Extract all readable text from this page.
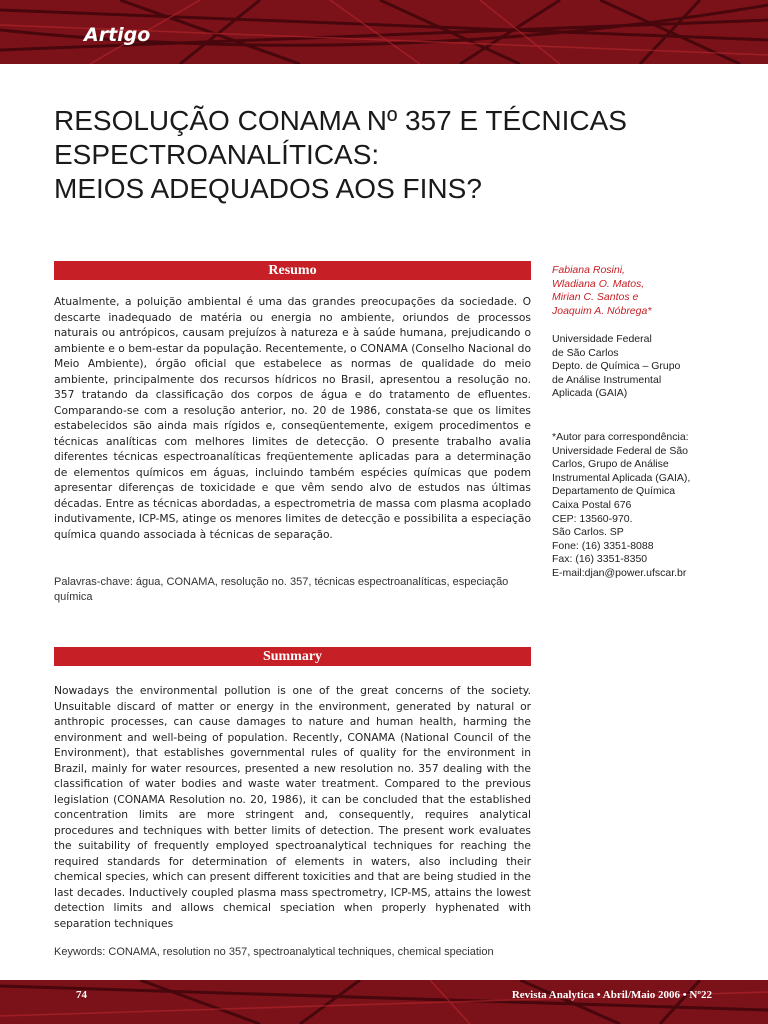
Artigo
RESOLUÇÃO CONAMA Nº 357 E TÉCNICAS
ESPECTROANALÍTICAS:
MEIOS ADEQUADOS AOS FINS?
Resumo

Atualmente, a poluição ambiental é uma das grandes preocupações da sociedade. O descarte inadequado de matéria ou energia no ambiente, oriundos de processos naturais ou antrópicos, causam prejuízos à natureza e à saúde humana, prejudicando o ambiente e o bem-estar da população. Recentemente, o CONAMA (Conselho Nacional do Meio Ambiente), órgão oficial que estabelece as normas de qualidade do meio ambiente, principalmente dos recursos hídricos no Brasil, apresentou a resolução no. 357 tratando da classificação dos corpos de água e do tratamento de efluentes. Comparando-se com a resolução anterior, no. 20 de 1986, constata-se que os limites estabelecidos são ainda mais rígidos e, conseqüentemente, exigem procedimentos e técnicas analíticas com melhores limites de detecção. O presente trabalho avalia diferentes técnicas espectroanalíticas freqüentemente aplicadas para a determinação de elementos químicos em águas, incluindo também espécies químicas que podem apresentar diferenças de toxicidade e que vêm sendo alvo de estudos nas últimas décadas. Entre as técnicas abordadas, a espectrometria de massa com plasma acoplado indutivamente, ICP-MS, atinge os menores limites de detecção e possibilita a especiação química quando associada à técnicas de separação.

Palavras-chave: água, CONAMA, resolução no. 357, técnicas espectroanalíticas, especiação química

Summary

Nowadays the environmental pollution is one of the great concerns of the society. Unsuitable discard of matter or energy in the environment, generated by natural or anthropic processes, can cause damages to nature and human health, harming the environment and well-being of population. Recently, CONAMA (National Council of the Environment), that establishes governmental rules of quality for the environment in Brazil, mainly for water resources, presented a new resolution no. 357 dealing with the classification of water bodies and waste water treatment. Compared to the previous legislation (CONAMA Resolution no. 20, 1986), it can be concluded that the established concentration limits are more stringent and, consequently, requires analytical procedures and techniques with better limits of detection. The present work evaluates the suitability of frequently employed spectroanalytical techniques for reaching the required standards for determination of elements in waters, also including their chemical species, which can present different toxicities and that are being studied in the last decades. Inductively coupled plasma mass spectrometry, ICP-MS, attains the lowest detection limits and allows chemical speciation when properly hyphenated with separation techniques

Keywords: CONAMA, resolution no 357, spectroanalytical techniques, chemical speciation

Fabiana Rosini,
Wladiana O. Matos,
Mirian C. Santos e
Joaquim A. Nóbrega*
Universidade Federal
de São Carlos
Depto. de Química – Grupo
de Análise Instrumental
Aplicada (GAIA)
*Autor para correspondência:
Universidade Federal de São
Carlos, Grupo de Análise
Instrumental Aplicada (GAIA),
Departamento de Química
Caixa Postal 676
CEP: 13560-970.
São Carlos. SP
Fone: (16) 3351-8088
Fax: (16) 3351-8350
E-mail:djan@power.ufscar.br
74	Revista Analytica • Abril/Maio 2006 • Nº22
